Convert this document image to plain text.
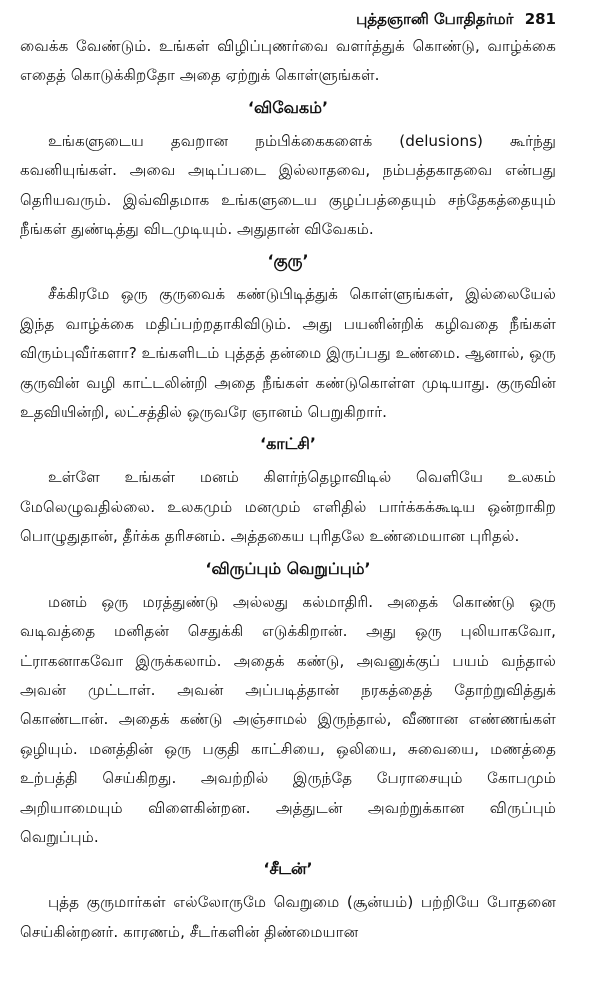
புத்தஞானி போதிதர்மர் 281

வைக்க வேண்டும். உங்கள் விழிப்புணர்வை வளர்த்துக் கொண்டு, வாழ்க்கை எதைத் கொடுக்கிறதோ அதை ஏற்றுக் கொள்ளுங்கள்.

‘விவேகம்’

உங்களுடைய தவறான நம்பிக்கைகளைக் (delusions) கூர்ந்து கவனியுங்கள். அவை அடிப்படை இல்லாதவை, நம்பத்தகாதவை என்பது தெரியவரும். இவ்விதமாக உங்களுடைய குழப்பத்தையும் சந்தேகத்தையும் நீங்கள் துண்டித்து விடமுடியும். அதுதான் விவேகம்.

‘குரு’

சீக்கிரமே ஒரு குருவைக் கண்டுபிடித்துக் கொள்ளுங்கள், இல்லையேல் இந்த வாழ்க்கை மதிப்பற்றதாகிவிடும். அது பயனின்றிக் கழிவதை நீங்கள் விரும்புவீர்களா? உங்களிடம் புத்தத் தன்மை இருப்பது உண்மை. ஆனால், ஒரு குருவின் வழி காட்டலின்றி அதை நீங்கள் கண்டுகொள்ள முடியாது. குருவின் உதவியின்றி, லட்சத்தில் ஒருவரே ஞானம் பெறுகிறார்.

‘காட்சி’

உள்ளே உங்கள் மனம் கிளர்ந்தெழாவிடில் வெளியே உலகம் மேலெழுவதில்லை. உலகமும் மனமும் எளிதில் பார்க்கக்கூடிய ஒன்றாகிற பொழுதுதான், தீர்க்க தரிசனம். அத்தகைய புரிதலே உண்மையான புரிதல்.

‘விருப்பும் வெறுப்பும்’

மனம் ஒரு மரத்துண்டு அல்லது கல்மாதிரி. அதைக் கொண்டு ஒரு வடிவத்தை மனிதன் செதுக்கி எடுக்கிறான். அது ஒரு புலியாகவோ, ட்ராகனாகவோ இருக்கலாம். அதைக் கண்டு, அவனுக்குப் பயம் வந்தால் அவன் முட்டாள். அவன் அப்படித்தான் நரகத்தைத் தோற்றுவித்துக் கொண்டான். அதைக் கண்டு அஞ்சாமல் இருந்தால், வீணான எண்ணங்கள் ஒழியும். மனத்தின் ஒரு பகுதி காட்சியை, ஒலியை, சுவையை, மணத்தை உற்பத்தி செய்கிறது. அவற்றில் இருந்தே பேராசையும் கோபமும் அறியாமையும் விளைகின்றன. அத்துடன் அவற்றுக்கான விருப்பும் வெறுப்பும்.

‘சீடன்’

புத்த குருமார்கள் எல்லோருமே வெறுமை (சூன்யம்) பற்றியே போதனை செய்கின்றனர். காரணம், சீடர்களின் திண்மையான
